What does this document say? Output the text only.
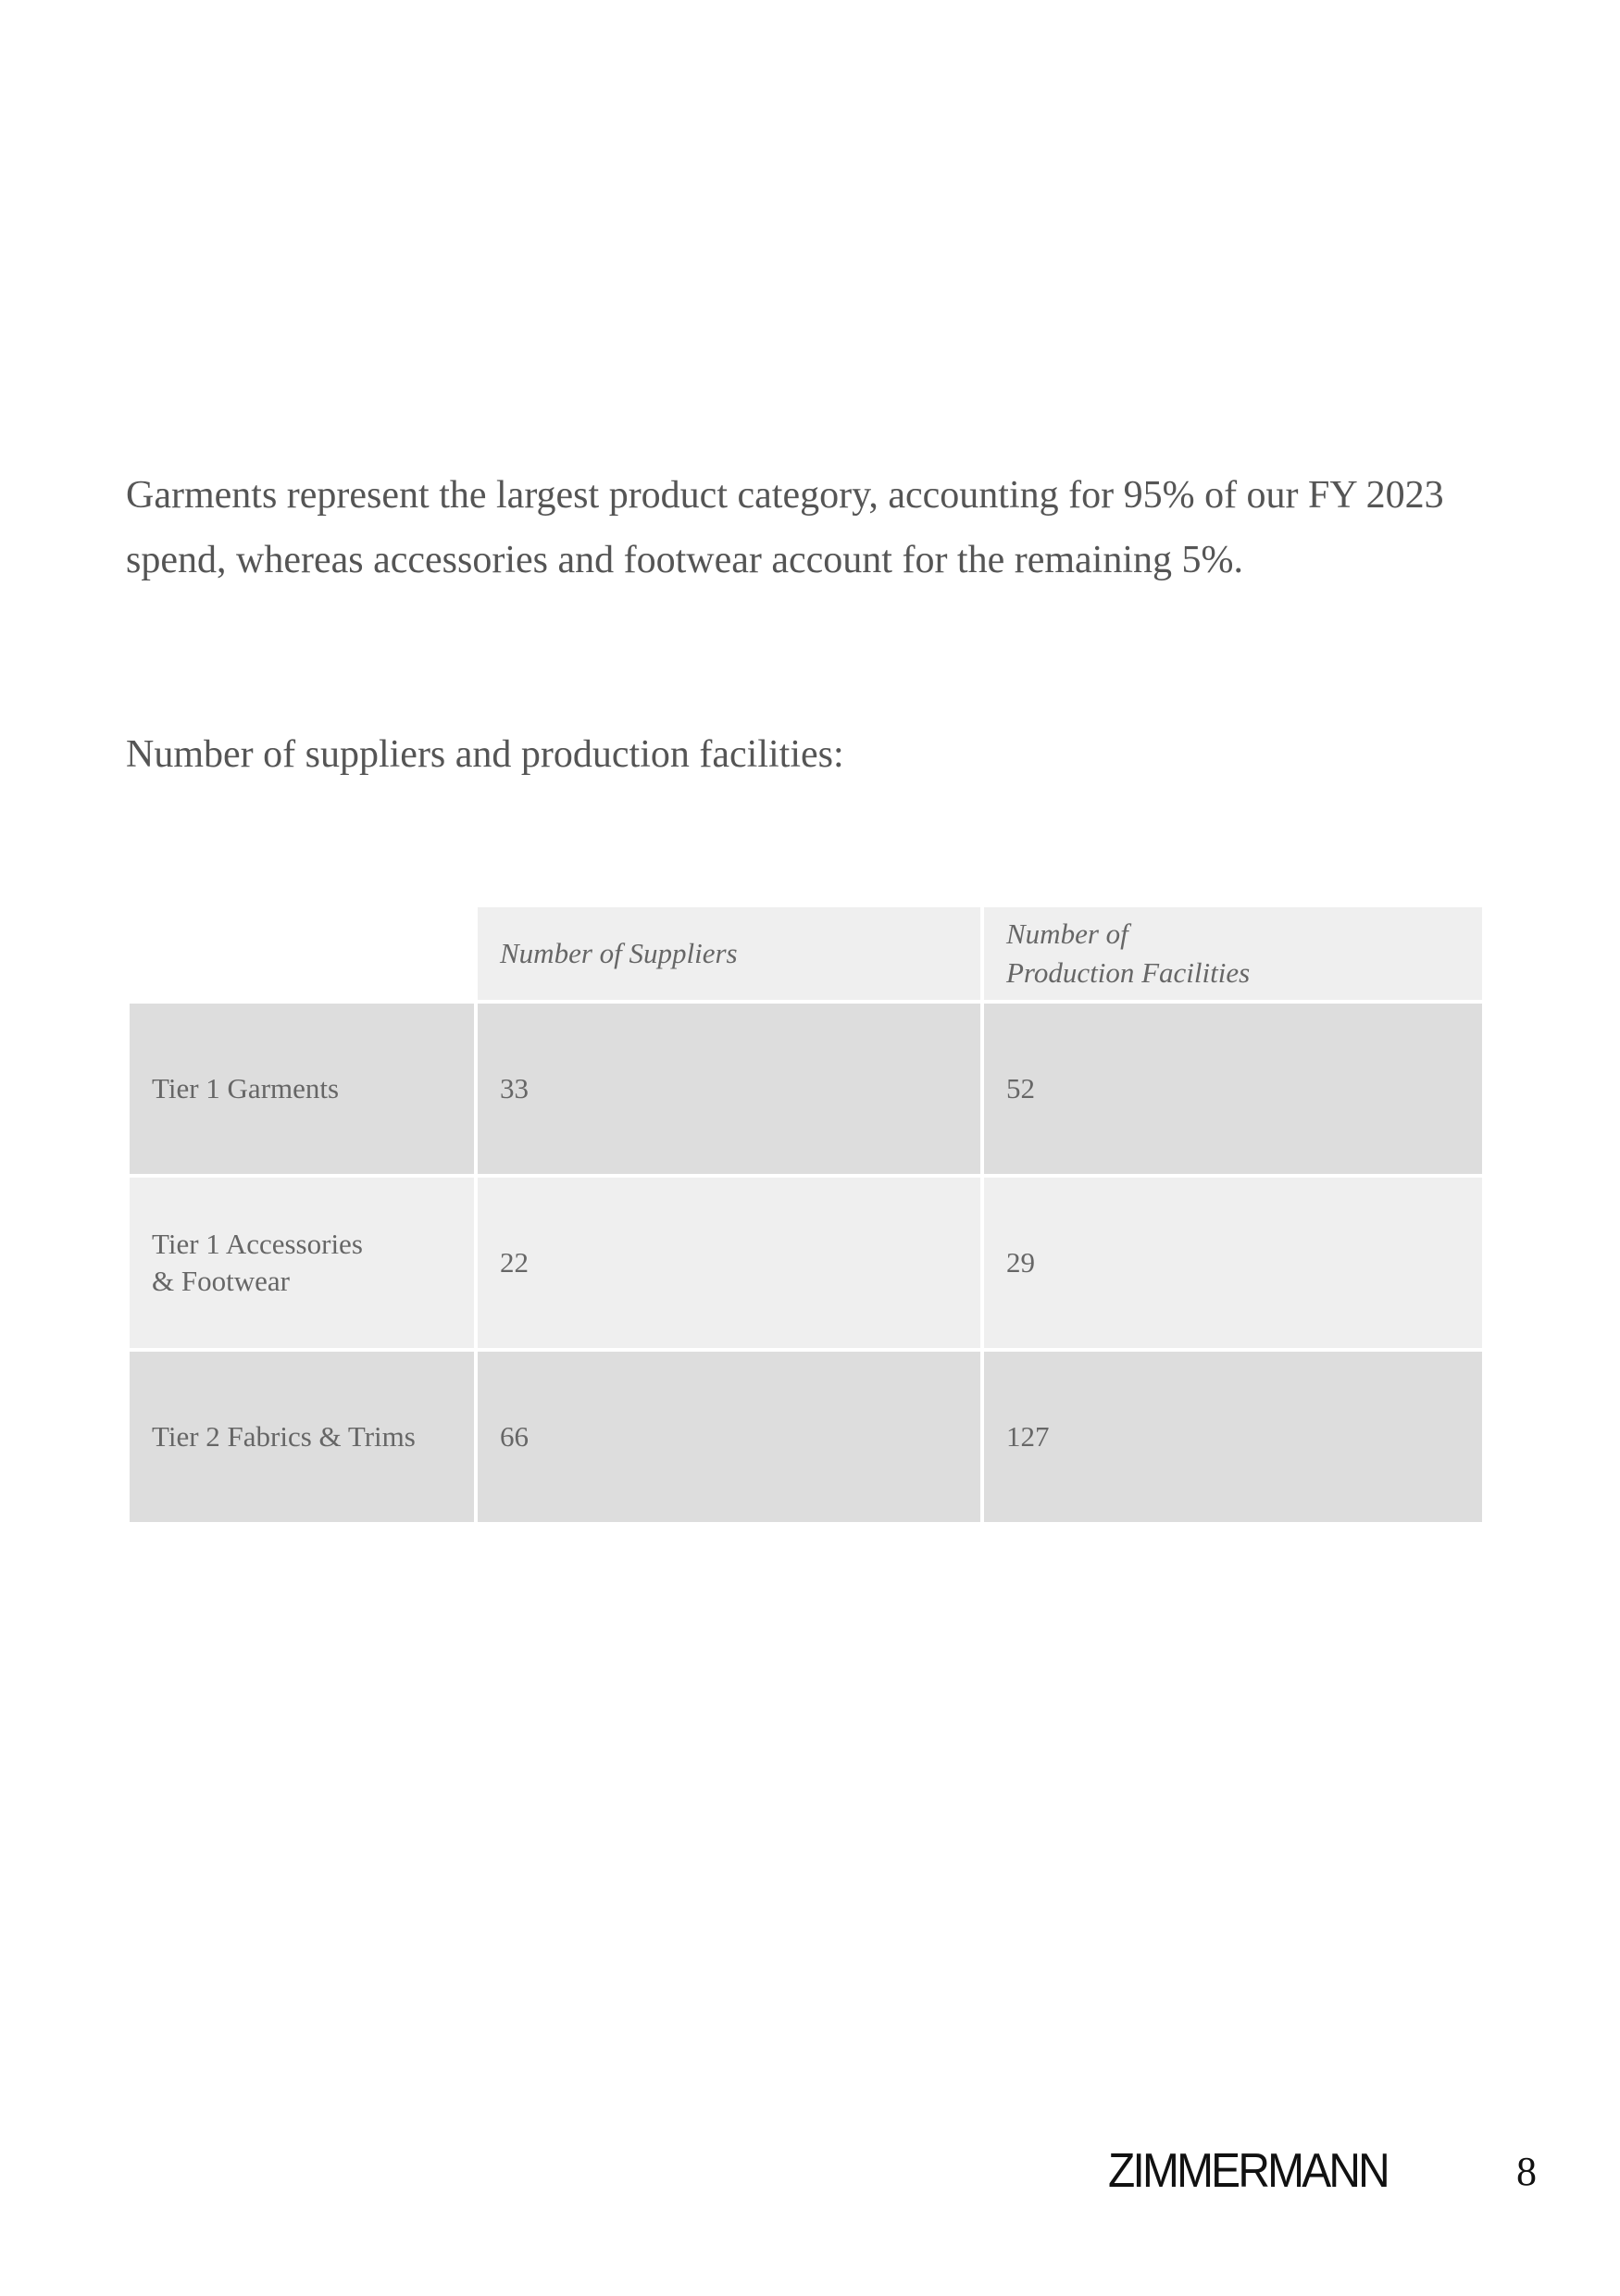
Garments represent the largest product category, accounting for 95% of our FY 2023 spend, whereas accessories and footwear account for the remaining 5%.

Number of suppliers and production facilities:

	Number of Suppliers	Number of
Production Facilities
Tier 1 Garments	33	52
Tier 1 Accessories
& Footwear	22	29
Tier 2 Fabrics & Trims	66	127
ZIMMERMANN	8
